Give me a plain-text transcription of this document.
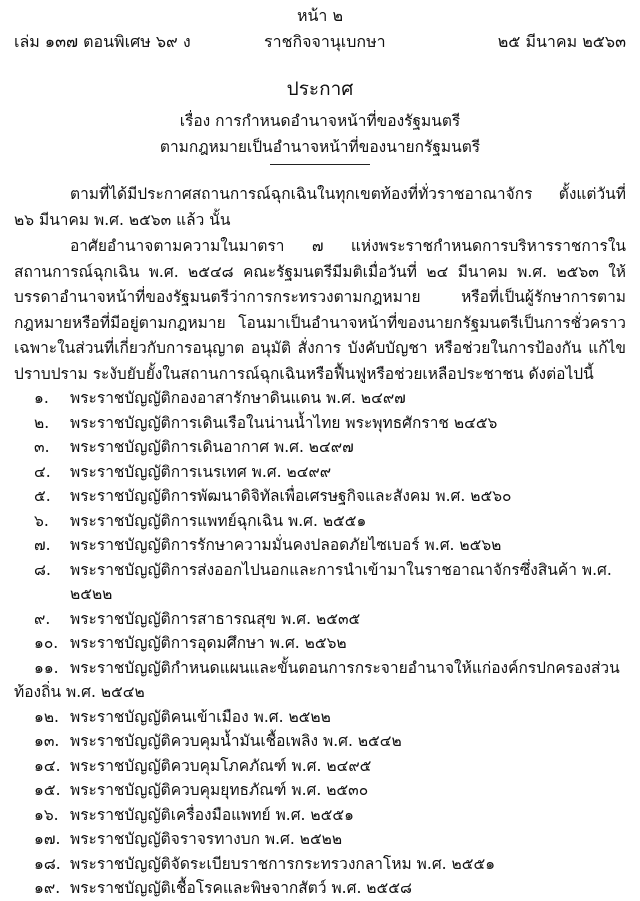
หน้า ๒
เล่ม ๑๓๗ ตอนพิเศษ ๖๙ ง	ราชกิจจานุเบกษา	๒๕ มีนาคม ๒๕๖๓
ประกาศ
เรื่อง การกำหนดอำนาจหน้าที่ของรัฐมนตรี
ตามกฎหมายเป็นอำนาจหน้าที่ของนายกรัฐมนตรี
ตามที่ได้มีประกาศสถานการณ์ฉุกเฉินในทุกเขตท้องที่ทั่วราชอาณาจักร ตั้งแต่วันที่ ๒๖ มีนาคม พ.ศ. ๒๕๖๓ แล้ว นั้น
อาศัยอำนาจตามความในมาตรา ๗ แห่งพระราชกำหนดการบริหารราชการในสถานการณ์ฉุกเฉิน พ.ศ. ๒๕๔๘ คณะรัฐมนตรีมีมติเมื่อวันที่ ๒๔ มีนาคม พ.ศ. ๒๕๖๓ ให้บรรดาอำนาจหน้าที่ของรัฐมนตรีว่าการกระทรวงตามกฎหมาย หรือที่เป็นผู้รักษาการตามกฎหมายหรือที่มีอยู่ตามกฎหมาย โอนมาเป็นอำนาจหน้าที่ของนายกรัฐมนตรีเป็นการชั่วคราวเฉพาะในส่วนที่เกี่ยวกับการอนุญาต อนุมัติ สั่งการ บังคับบัญชา หรือช่วยในการป้องกัน แก้ไข ปราบปราม ระงับยับยั้งในสถานการณ์ฉุกเฉินหรือฟื้นฟูหรือช่วยเหลือประชาชน ดังต่อไปนี้
๑.	พระราชบัญญัติกองอาสารักษาดินแดน พ.ศ. ๒๔๙๗
๒.	พระราชบัญญัติการเดินเรือในน่านน้ำไทย พระพุทธศักราช ๒๔๕๖
๓.	พระราชบัญญัติการเดินอากาศ พ.ศ. ๒๔๙๗
๔.	พระราชบัญญัติการเนรเทศ พ.ศ. ๒๔๙๙
๕.	พระราชบัญญัติการพัฒนาดิจิทัลเพื่อเศรษฐกิจและสังคม พ.ศ. ๒๕๖๐
๖.	พระราชบัญญัติการแพทย์ฉุกเฉิน พ.ศ. ๒๕๕๑
๗.	พระราชบัญญัติการรักษาความมั่นคงปลอดภัยไซเบอร์ พ.ศ. ๒๕๖๒
๘.	พระราชบัญญัติการส่งออกไปนอกและการนำเข้ามาในราชอาณาจักรซึ่งสินค้า พ.ศ. ๒๕๒๒
๙.	พระราชบัญญัติการสาธารณสุข พ.ศ. ๒๕๓๕
๑๐. พระราชบัญญัติการอุดมศึกษา พ.ศ. ๒๕๖๒
๑๑. พระราชบัญญัติกำหนดแผนและขั้นตอนการกระจายอำนาจให้แก่องค์กรปกครองส่วนท้องถิ่น พ.ศ. ๒๕๔๒
๑๒. พระราชบัญญัติคนเข้าเมือง พ.ศ. ๒๕๒๒
๑๓. พระราชบัญญัติควบคุมน้ำมันเชื้อเพลิง พ.ศ. ๒๕๔๒
๑๔. พระราชบัญญัติควบคุมโภคภัณฑ์ พ.ศ. ๒๔๙๕
๑๕. พระราชบัญญัติควบคุมยุทธภัณฑ์ พ.ศ. ๒๕๓๐
๑๖. พระราชบัญญัติเครื่องมือแพทย์ พ.ศ. ๒๕๕๑
๑๗. พระราชบัญญัติจราจรทางบก พ.ศ. ๒๕๒๒
๑๘. พระราชบัญญัติจัดระเบียบราชการกระทรวงกลาโหม พ.ศ. ๒๕๕๑
๑๙. พระราชบัญญัติเชื้อโรคและพิษจากสัตว์ พ.ศ. ๒๕๕๘
